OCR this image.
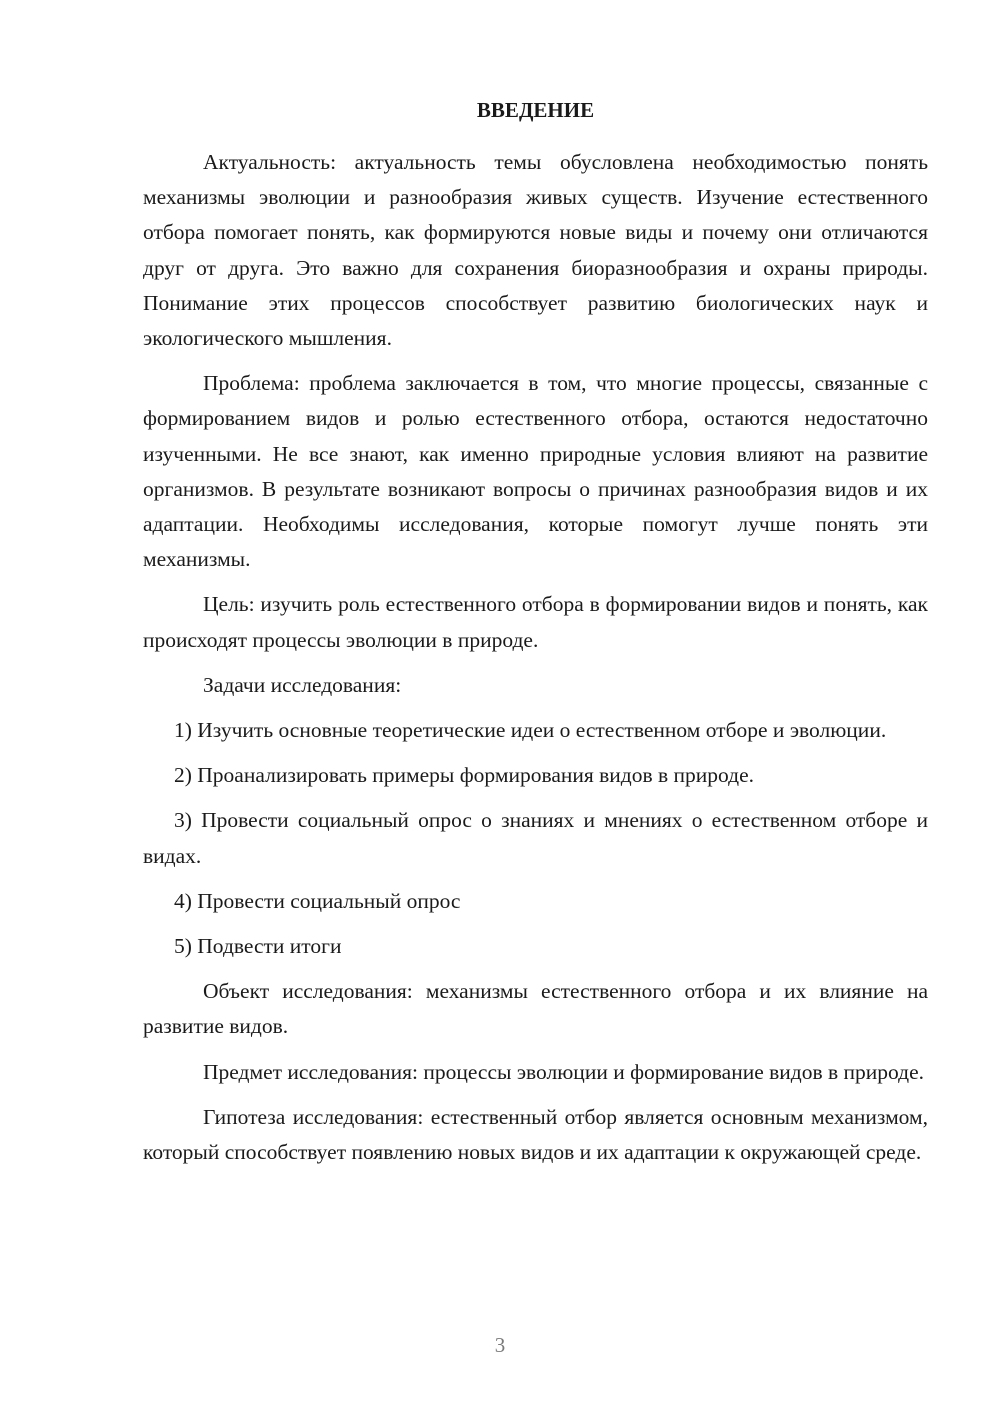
ВВЕДЕНИЕ

Актуальность: актуальность темы обусловлена необходимостью понять механизмы эволюции и разнообразия живых существ. Изучение естественного отбора помогает понять, как формируются новые виды и почему они отличаются друг от друга. Это важно для сохранения биоразнообразия и охраны природы. Понимание этих процессов способствует развитию биологических наук и экологического мышления.

Проблема: проблема заключается в том, что многие процессы, связанные с формированием видов и ролью естественного отбора, остаются недостаточно изученными. Не все знают, как именно природные условия влияют на развитие организмов. В результате возникают вопросы о причинах разнообразия видов и их адаптации. Необходимы исследования, которые помогут лучше понять эти механизмы.

Цель: изучить роль естественного отбора в формировании видов и понять, как происходят процессы эволюции в природе.

Задачи исследования:

1) Изучить основные теоретические идеи о естественном отборе и эволюции.

2) Проанализировать примеры формирования видов в природе.

3) Провести социальный опрос о знаниях и мнениях о естественном отборе и видах.

4) Провести социальный опрос

5) Подвести итоги

Объект исследования: механизмы естественного отбора и их влияние на развитие видов.

Предмет исследования: процессы эволюции и формирование видов в природе.

Гипотеза исследования: естественный отбор является основным механизмом, который способствует появлению новых видов и их адаптации к окружающей среде.

3
